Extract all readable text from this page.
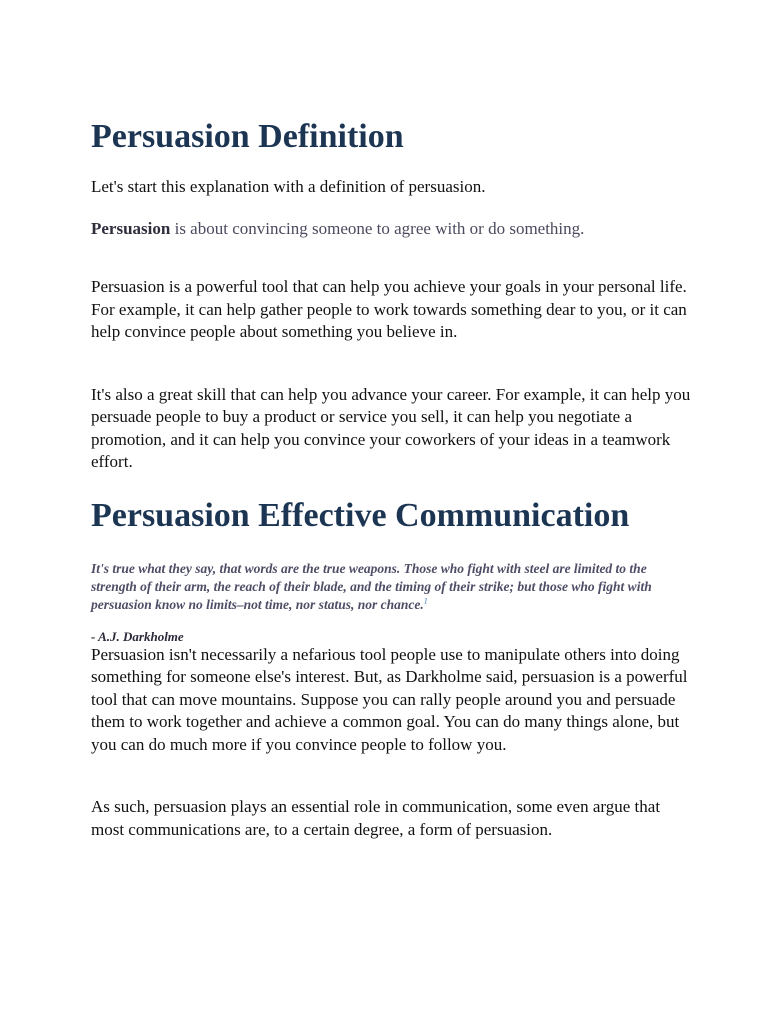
Persuasion Definition

Let's start this explanation with a definition of persuasion.

Persuasion is about convincing someone to agree with or do something.

Persuasion is a powerful tool that can help you achieve your goals in your personal life. For example, it can help gather people to work towards something dear to you, or it can help convince people about something you believe in.

It's also a great skill that can help you advance your career. For example, it can help you persuade people to buy a product or service you sell, it can help you negotiate a promotion, and it can help you convince your coworkers of your ideas in a teamwork effort.

Persuasion Effective Communication

It's true what they say, that words are the true weapons. Those who fight with steel are limited to the strength of their arm, the reach of their blade, and the timing of their strike; but those who fight with persuasion know no limits–not time, nor status, nor chance.$^1$

- A.J. Darkholme

Persuasion isn't necessarily a nefarious tool people use to manipulate others into doing something for someone else's interest. But, as Darkholme said, persuasion is a powerful tool that can move mountains. Suppose you can rally people around you and persuade them to work together and achieve a common goal. You can do many things alone, but you can do much more if you convince people to follow you.

As such, persuasion plays an essential role in communication, some even argue that most communications are, to a certain degree, a form of persuasion.
